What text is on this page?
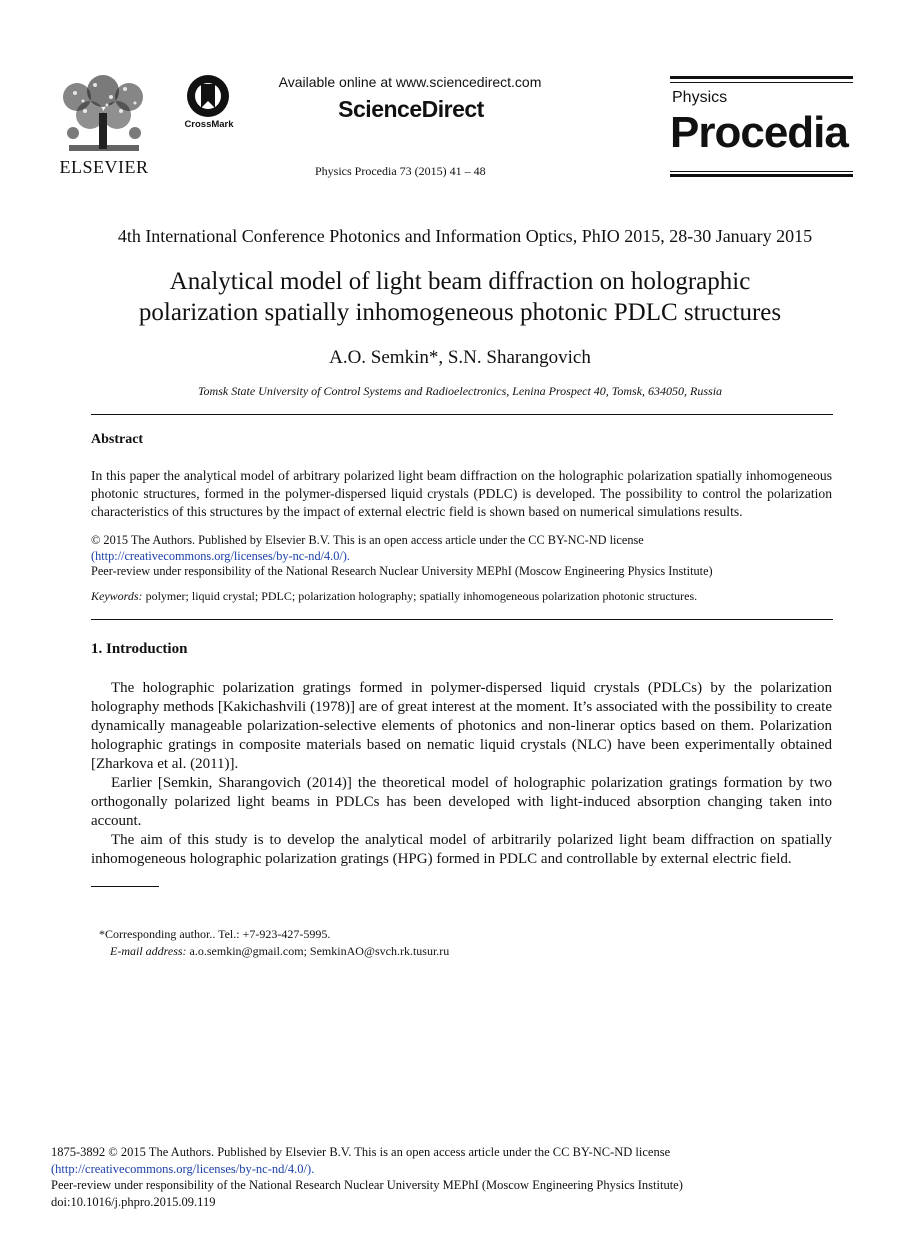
ELSEVIER
CrossMark
Available online at www.sciencedirect.com
ScienceDirect
Physics Procedia 73 (2015) 41 – 48
Physics
Procedia
4th International Conference Photonics and Information Optics, PhIO 2015, 28-30 January 2015
Analytical model of light beam diffraction on holographic
polarization spatially inhomogeneous photonic PDLC structures
A.O. Semkin*, S.N. Sharangovich
Tomsk State University of Control Systems and Radioelectronics, Lenina Prospect 40, Tomsk, 634050, Russia
Abstract

In this paper the analytical model of arbitrary polarized light beam diffraction on the holographic polarization spatially inhomogeneous photonic structures, formed in the polymer-dispersed liquid crystals (PDLC) is developed. The possibility to control the polarization characteristics of this structures by the impact of external electric field is shown based on numerical simulations results.

© 2015 The Authors. Published by Elsevier B.V. This is an open access article under the CC BY-NC-ND license
(http://creativecommons.org/licenses/by-nc-nd/4.0/).
Peer-review under responsibility of the National Research Nuclear University MEPhI (Moscow Engineering Physics Institute)
Keywords: polymer; liquid crystal; PDLC; polarization holography; spatially inhomogeneous polarization photonic structures.
1. Introduction

The holographic polarization gratings formed in polymer-dispersed liquid crystals (PDLCs) by the polarization holography methods [Kakichashvili (1978)] are of great interest at the moment. It’s associated with the possibility to create dynamically manageable polarization-selective elements of photonics and non-linerar optics based on them. Polarization holographic gratings in composite materials based on nematic liquid crystals (NLC) have been experimentally obtained [Zharkova et al. (2011)].

Earlier [Semkin, Sharangovich (2014)] the theoretical model of holographic polarization gratings formation by two orthogonally polarized light beams in PDLCs has been developed with light-induced absorption changing taken into account.

The aim of this study is to develop the analytical model of arbitrarily polarized light beam diffraction on spatially inhomogeneous holographic polarization gratings (HPG) formed in PDLC and controllable by external electric field.

*Corresponding author.. Tel.: +7-923-427-5995.
E-mail address: a.o.semkin@gmail.com; SemkinAO@svch.rk.tusur.ru
1875-3892 © 2015 The Authors. Published by Elsevier B.V. This is an open access article under the CC BY-NC-ND license
(http://creativecommons.org/licenses/by-nc-nd/4.0/).
Peer-review under responsibility of the National Research Nuclear University MEPhI (Moscow Engineering Physics Institute)
doi:10.1016/j.phpro.2015.09.119
